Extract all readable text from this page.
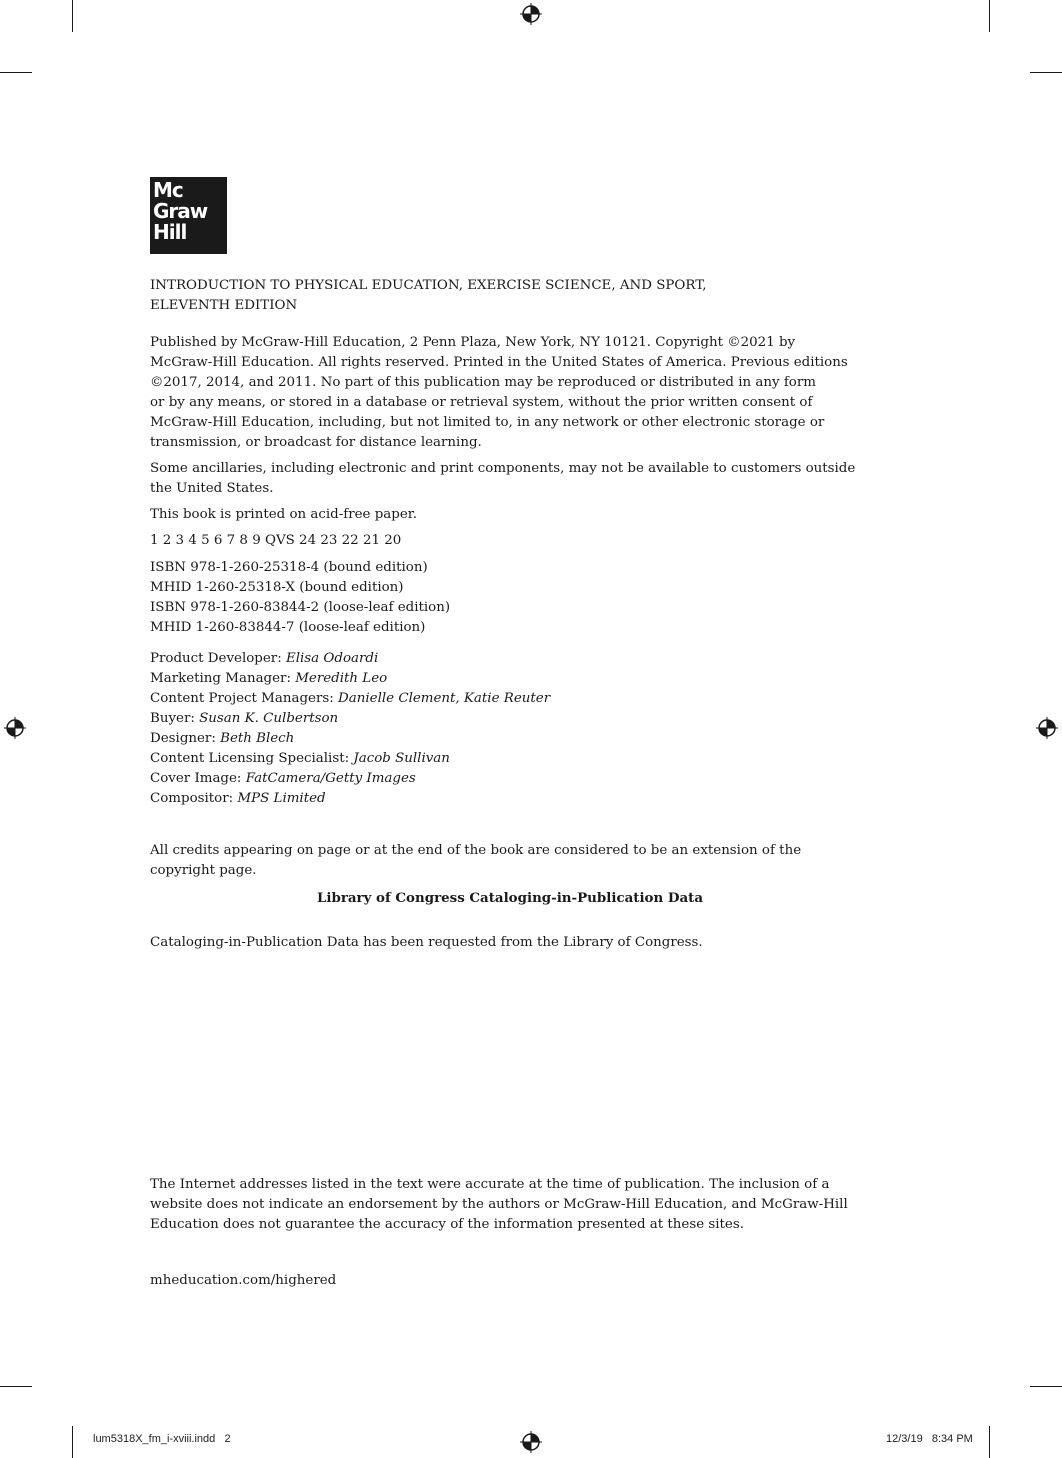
Mc
Graw
Hill

INTRODUCTION TO PHYSICAL EDUCATION, EXERCISE SCIENCE, AND SPORT,

ELEVENTH EDITION

Published by McGraw-Hill Education, 2 Penn Plaza, New York, NY 10121. Copyright ©2021 by

McGraw-Hill Education. All rights reserved. Printed in the United States of America. Previous editions

©2017, 2014, and 2011. No part of this publication may be reproduced or distributed in any form

or by any means, or stored in a database or retrieval system, without the prior written consent of

McGraw-Hill Education, including, but not limited to, in any network or other electronic storage or

transmission, or broadcast for distance learning.

Some ancillaries, including electronic and print components, may not be available to customers outside

the United States.

This book is printed on acid-free paper.

1 2 3 4 5 6 7 8 9 QVS 24 23 22 21 20

ISBN 978-1-260-25318-4 (bound edition)

MHID 1-260-25318-X (bound edition)

ISBN 978-1-260-83844-2 (loose-leaf edition)

MHID 1-260-83844-7 (loose-leaf edition)

Product Developer: Elisa Odoardi

Marketing Manager: Meredith Leo

Content Project Managers: Danielle Clement, Katie Reuter

Buyer: Susan K. Culbertson

Designer: Beth Blech

Content Licensing Specialist: Jacob Sullivan

Cover Image: FatCamera/Getty Images

Compositor: MPS Limited

All credits appearing on page or at the end of the book are considered to be an extension of the

copyright page.

Library of Congress Cataloging-in-Publication Data

Cataloging-in-Publication Data has been requested from the Library of Congress.

The Internet addresses listed in the text were accurate at the time of publication. The inclusion of a

website does not indicate an endorsement by the authors or McGraw-Hill Education, and McGraw-Hill

Education does not guarantee the accuracy of the information presented at these sites.

mheducation.com/highered

lum5318X_fm_i-xviii.indd   2	12/3/19   8:34 PM
